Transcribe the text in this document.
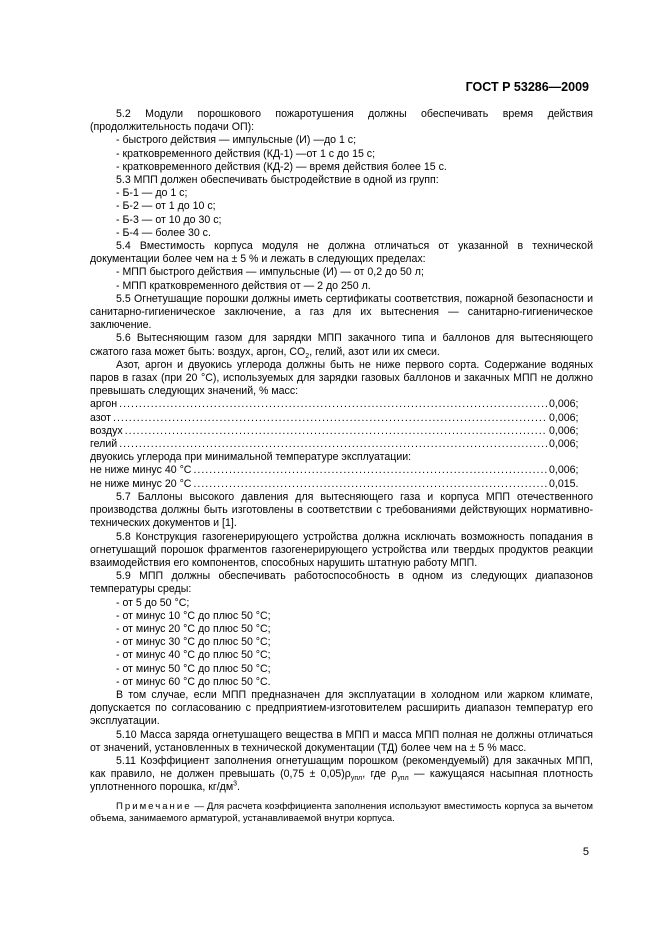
ГОСТ Р 53286—2009

5.2 Модули порошкового пожаротушения должны обеспечивать время действия (продолжительность подачи ОП):

- быстрого действия — импульсные (И) —до 1 с;

- кратковременного действия (КД-1) —от 1 с до 15 с;

- кратковременного действия (КД-2) — время действия более 15 с.

5.3 МПП должен обеспечивать быстродействие в одной из групп:

- Б-1 — до 1 с;

- Б-2 — от 1 до 10 с;

- Б-3 — от 10 до 30 с;

- Б-4 — более 30 с.

5.4 Вместимость корпуса модуля не должна отличаться от указанной в технической документации более чем на ± 5 % и лежать в следующих пределах:

- МПП быстрого действия — импульсные (И) — от 0,2 до 50 л;

- МПП кратковременного действия от — 2 до 250 л.

5.5 Огнетушащие порошки должны иметь сертификаты соответствия, пожарной безопасности и санитарно-гигиеническое заключение, а газ для их вытеснения — санитарно-гигиеническое заключение.

5.6 Вытесняющим газом для зарядки МПП закачного типа и баллонов для вытесняющего сжатого газа может быть: воздух, аргон, $CO_2$, гелий, азот или их смеси.

Азот, аргон и двуокись углерода должны быть не ниже первого сорта. Содержание водяных паров в газах (при 20 °С), используемых для зарядки газовых баллонов и закачных МПП не должно превышать следующих значений, % масс:

аргон .....	0,006;
азот .....	0,006;
воздух .....	0,006;
гелий .....	0,006;

двуокись углерода при минимальной температуре эксплуатации:

не ниже минус 40 °С .....	0,006;
не ниже минус 20 °С .....	0,015.

5.7 Баллоны высокого давления для вытесняющего газа и корпуса МПП отечественного производства должны быть изготовлены в соответствии с требованиями действующих нормативно-технических документов и [1].

5.8 Конструкция газогенерирующего устройства должна исключать возможность попадания в огнетушащий порошок фрагментов газогенерирующего устройства или твердых продуктов реакции взаимодействия его компонентов, способных нарушить штатную работу МПП.

5.9 МПП должны обеспечивать работоспособность в одном из следующих диапазонов температуры среды:

- от 5 до 50 °С;

- от минус 10 °С до плюс 50 °С;

- от минус 20 °С до плюс 50 °С;

- от минус 30 °С до плюс 50 °С;

- от минус 40 °С до плюс 50 °С;

- от минус 50 °С до плюс 50 °С;

- от минус 60 °С до плюс 50 °С.

В том случае, если МПП предназначен для эксплуатации в холодном или жарком климате, допускается по согласованию с предприятием-изготовителем расширить диапазон температур его эксплуатации.

5.10 Масса заряда огнетушащего вещества в МПП и масса МПП полная не должны отличаться от значений, установленных в технической документации (ТД) более чем на ± 5 % масс.

5.11 Коэффициент заполнения огнетушащим порошком (рекомендуемый) для закачных МПП, как правило, не должен превышать $(0,75 \pm 0,05)\rho_{упл}$, где $\rho_{упл}$ — кажущаяся насыпная плотность уплотненного порошка, $кг/дм^3$.

Примечание — Для расчета коэффициента заполнения используют вместимость корпуса за вычетом объема, занимаемого арматурой, устанавливаемой внутри корпуса.

5
